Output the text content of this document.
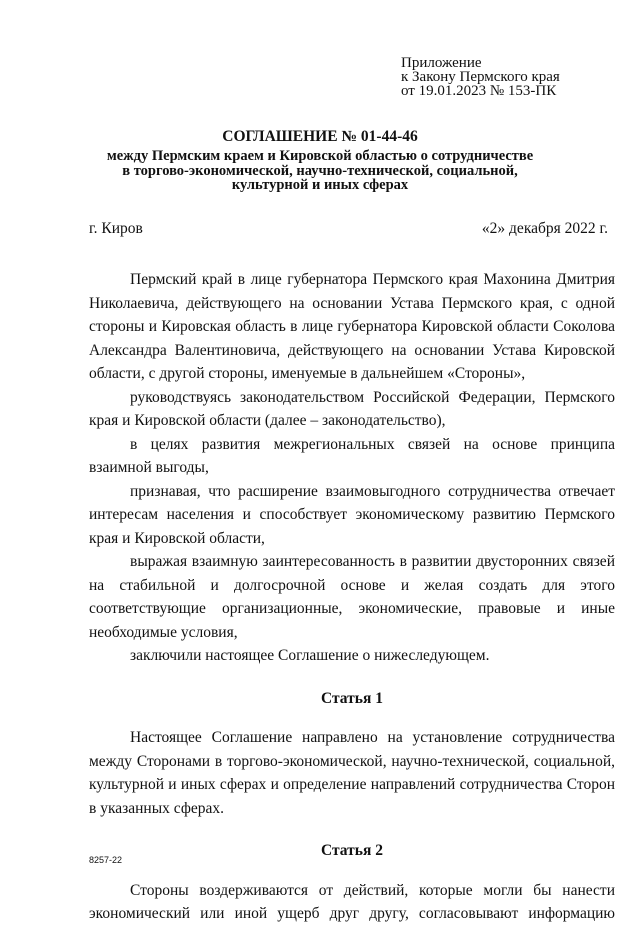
Приложение
к Закону Пермского края
от 19.01.2023 № 153-ПК
СОГЛАШЕНИЕ № 01-44-46
между Пермским краем и Кировской областью о сотрудничестве
в торгово-экономической, научно-технической, социальной,
культурной и иных сферах
г. Киров	«2» декабря 2022 г.

Пермский край в лице губернатора Пермского края Махонина Дмитрия Николаевича, действующего на основании Устава Пермского края, с одной стороны и Кировская область в лице губернатора Кировской области Соколова Александра Валентиновича, действующего на основании Устава Кировской области, с другой стороны, именуемые в дальнейшем «Стороны»,

руководствуясь законодательством Российской Федерации, Пермского края и Кировской области (далее – законодательство),

в целях развития межрегиональных связей на основе принципа взаимной выгоды,

признавая, что расширение взаимовыгодного сотрудничества отвечает интересам населения и способствует экономическому развитию Пермского края и Кировской области,

выражая взаимную заинтересованность в развитии двусторонних связей на стабильной и долгосрочной основе и желая создать для этого соответствующие организационные, экономические, правовые и иные необходимые условия,

заключили настоящее Соглашение о нижеследующем.

Статья 1

Настоящее Соглашение направлено на установление сотрудничества между Сторонами в торгово-экономической, научно-технической, социальной, культурной и иных сферах и определение направлений сотрудничества Сторон в указанных сферах.

Статья 2

Стороны воздерживаются от действий, которые могли бы нанести экономический или иной ущерб друг другу, согласовывают информацию

8257-22
